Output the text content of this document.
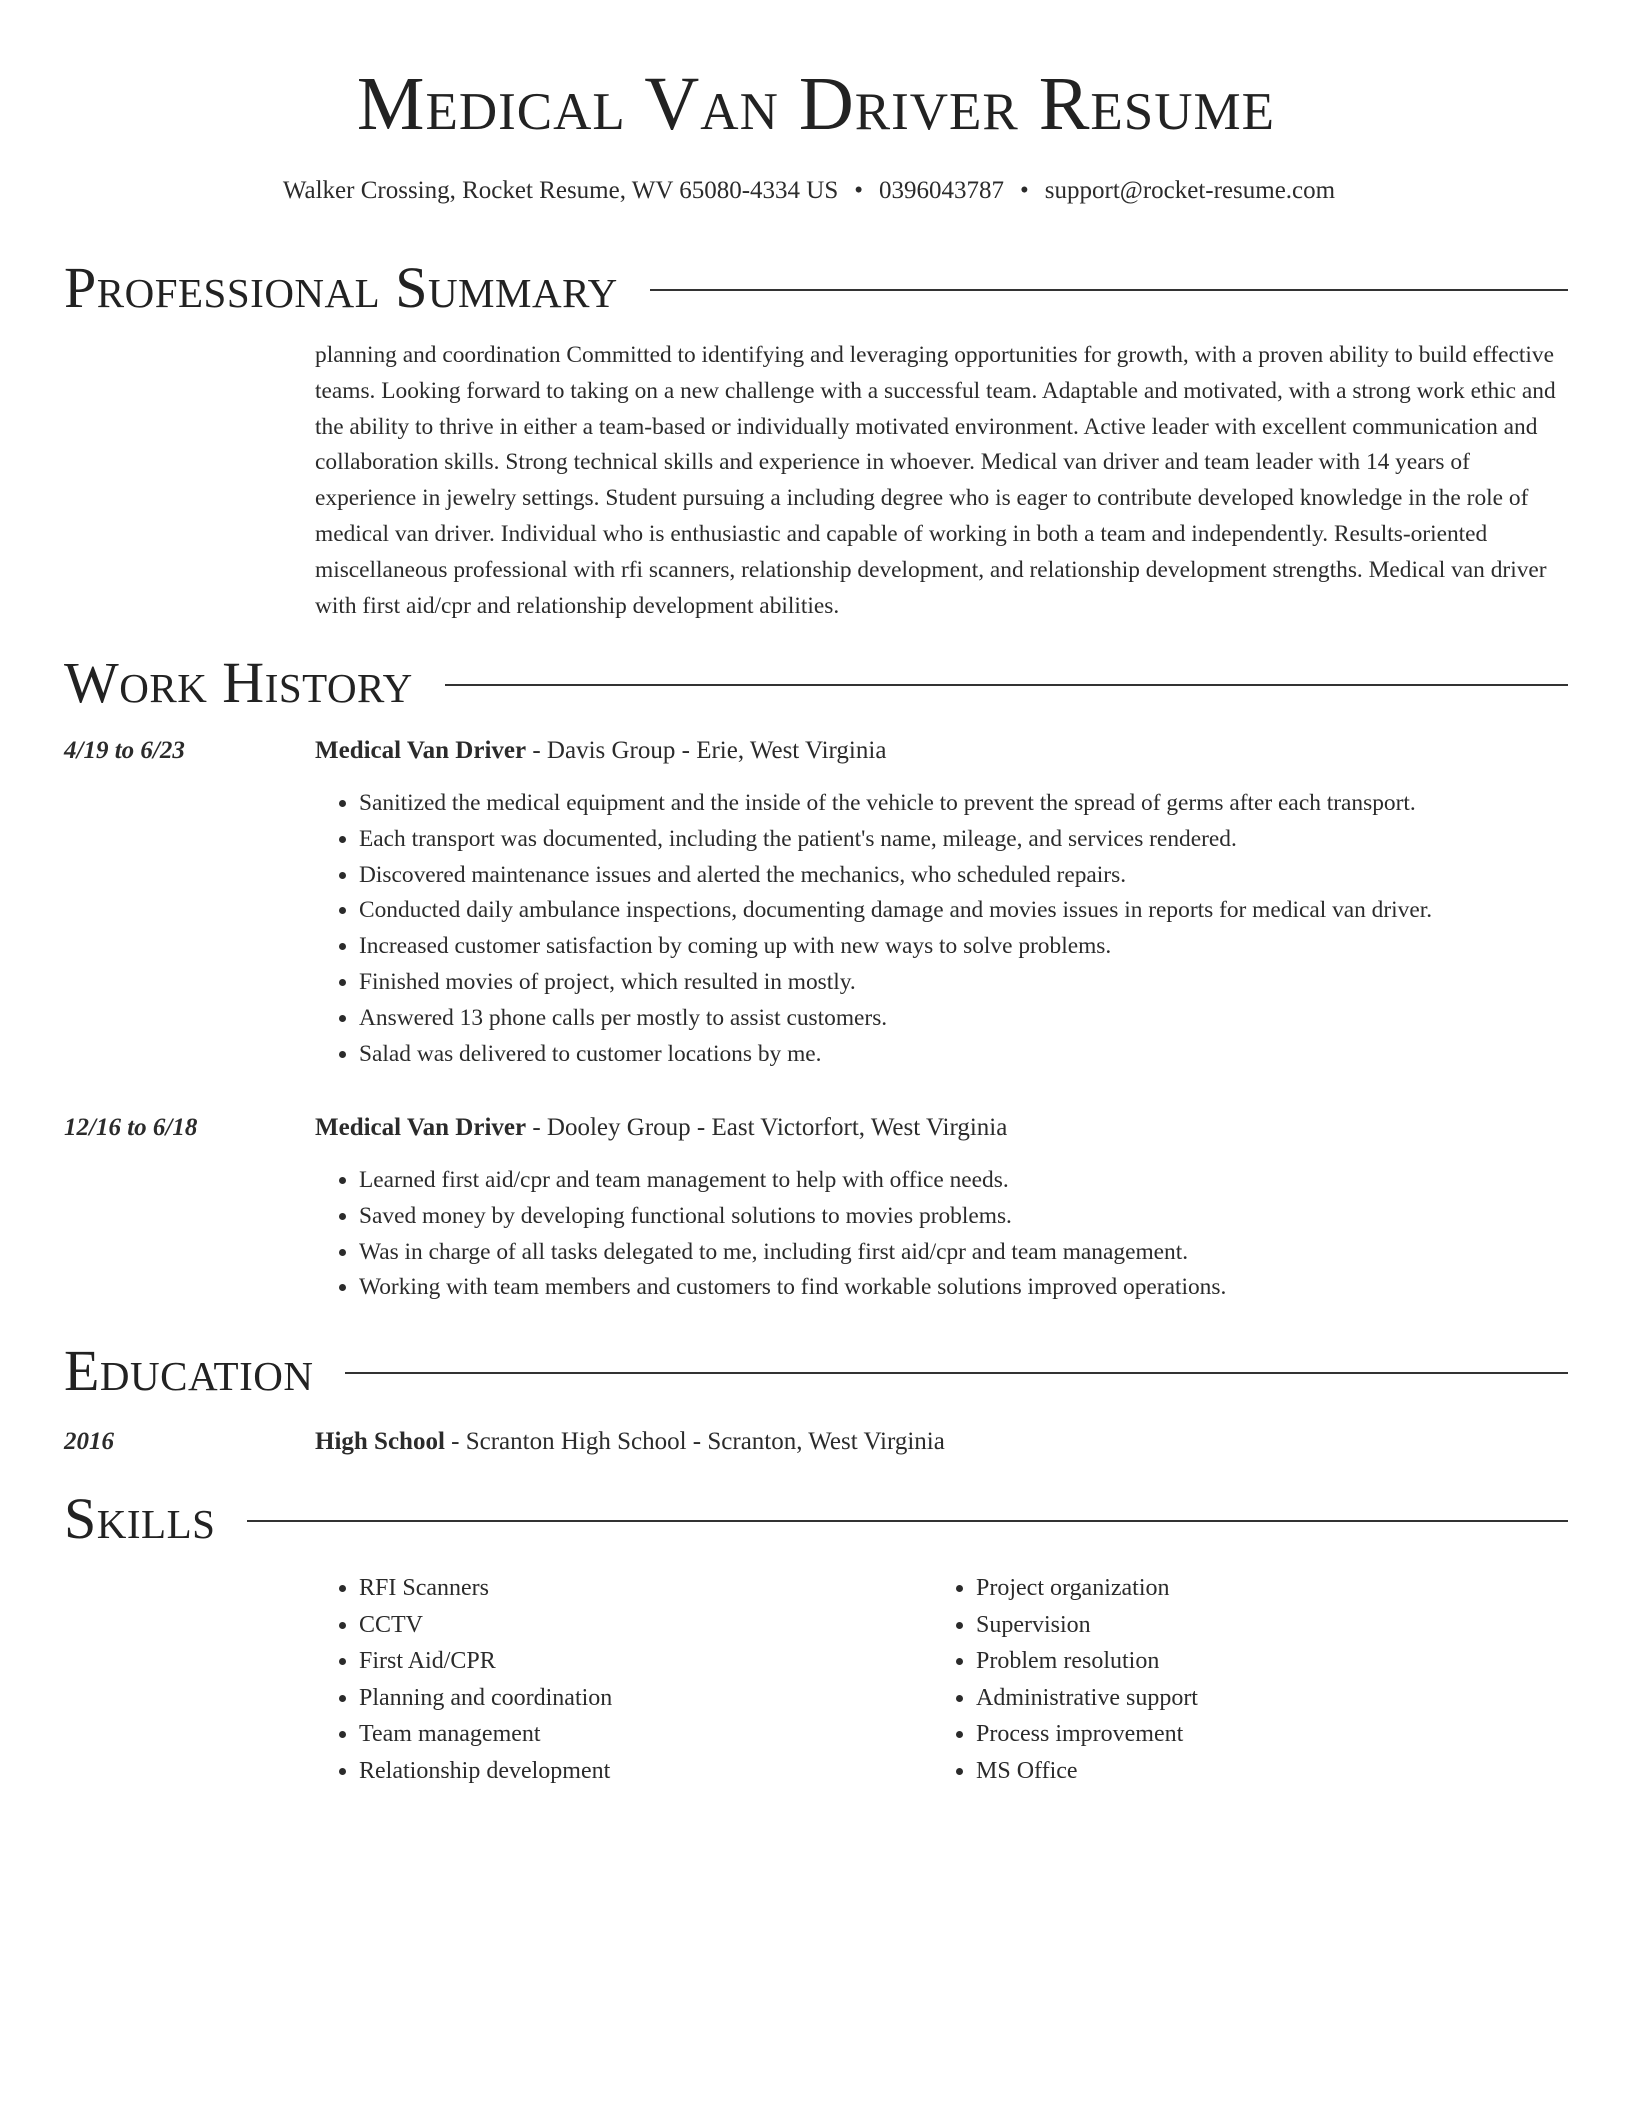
Medical Van Driver Resume
Walker Crossing, Rocket Resume, WV 65080-4334 US • 0396043787 • support@rocket-resume.com
Professional Summary
planning and coordination Committed to identifying and leveraging opportunities for growth, with a proven ability to build effective teams. Looking forward to taking on a new challenge with a successful team. Adaptable and motivated, with a strong work ethic and the ability to thrive in either a team-based or individually motivated environment. Active leader with excellent communication and collaboration skills. Strong technical skills and experience in whoever. Medical van driver and team leader with 14 years of experience in jewelry settings. Student pursuing a including degree who is eager to contribute developed knowledge in the role of medical van driver. Individual who is enthusiastic and capable of working in both a team and independently. Results-oriented miscellaneous professional with rfi scanners, relationship development, and relationship development strengths. Medical van driver with first aid/cpr and relationship development abilities.
Work History
4/19 to 6/23	Medical Van Driver - Davis Group - Erie, West Virginia
• Sanitized the medical equipment and the inside of the vehicle to prevent the spread of germs after each transport.
• Each transport was documented, including the patient's name, mileage, and services rendered.
• Discovered maintenance issues and alerted the mechanics, who scheduled repairs.
• Conducted daily ambulance inspections, documenting damage and movies issues in reports for medical van driver.
• Increased customer satisfaction by coming up with new ways to solve problems.
• Finished movies of project, which resulted in mostly.
• Answered 13 phone calls per mostly to assist customers.
• Salad was delivered to customer locations by me.
12/16 to 6/18	Medical Van Driver - Dooley Group - East Victorfort, West Virginia
• Learned first aid/cpr and team management to help with office needs.
• Saved money by developing functional solutions to movies problems.
• Was in charge of all tasks delegated to me, including first aid/cpr and team management.
• Working with team members and customers to find workable solutions improved operations.
Education
2016	High School - Scranton High School - Scranton, West Virginia
Skills
• RFI Scanners
• CCTV
• First Aid/CPR
• Planning and coordination
• Team management
• Relationship development
• Project organization
• Supervision
• Problem resolution
• Administrative support
• Process improvement
• MS Office
